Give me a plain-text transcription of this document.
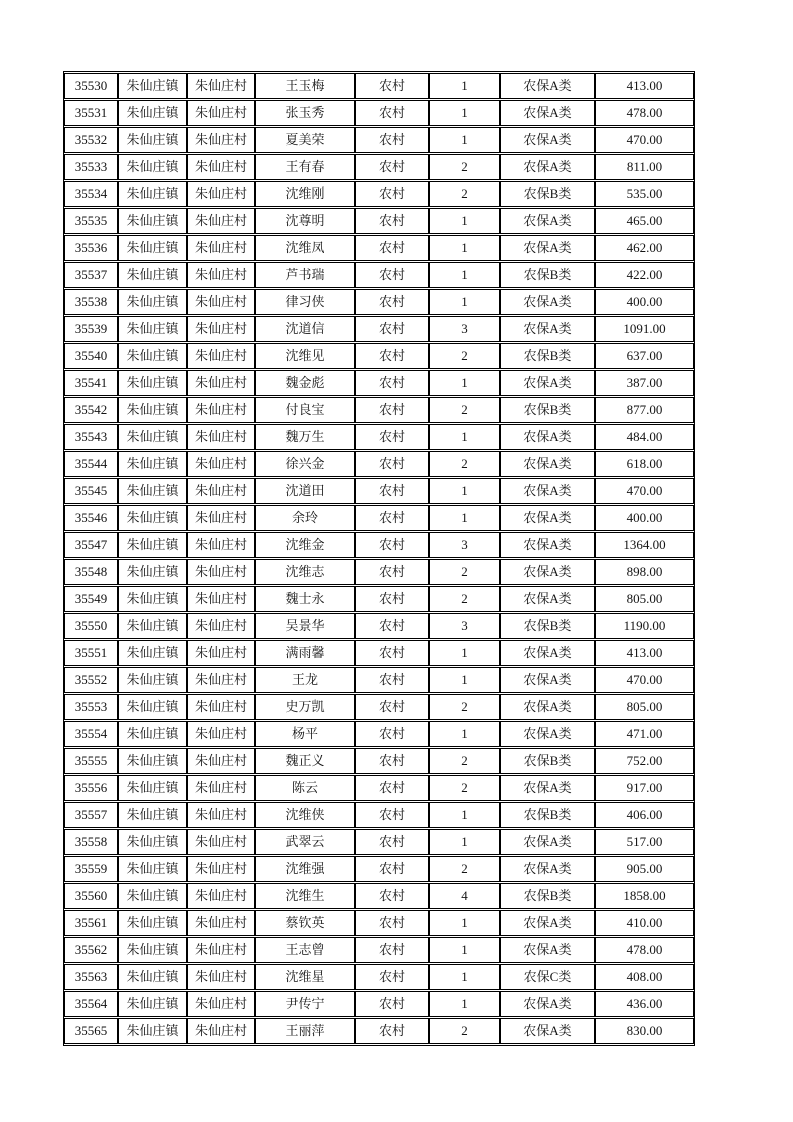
35530	朱仙庄镇	朱仙庄村	王玉梅	农村	1	农保A类	413.00
35531	朱仙庄镇	朱仙庄村	张玉秀	农村	1	农保A类	478.00
35532	朱仙庄镇	朱仙庄村	夏美荣	农村	1	农保A类	470.00
35533	朱仙庄镇	朱仙庄村	王有春	农村	2	农保A类	811.00
35534	朱仙庄镇	朱仙庄村	沈维刚	农村	2	农保B类	535.00
35535	朱仙庄镇	朱仙庄村	沈尊明	农村	1	农保A类	465.00
35536	朱仙庄镇	朱仙庄村	沈维凤	农村	1	农保A类	462.00
35537	朱仙庄镇	朱仙庄村	芦书瑞	农村	1	农保B类	422.00
35538	朱仙庄镇	朱仙庄村	律习侠	农村	1	农保A类	400.00
35539	朱仙庄镇	朱仙庄村	沈道信	农村	3	农保A类	1091.00
35540	朱仙庄镇	朱仙庄村	沈维见	农村	2	农保B类	637.00
35541	朱仙庄镇	朱仙庄村	魏金彪	农村	1	农保A类	387.00
35542	朱仙庄镇	朱仙庄村	付良宝	农村	2	农保B类	877.00
35543	朱仙庄镇	朱仙庄村	魏万生	农村	1	农保A类	484.00
35544	朱仙庄镇	朱仙庄村	徐兴金	农村	2	农保A类	618.00
35545	朱仙庄镇	朱仙庄村	沈道田	农村	1	农保A类	470.00
35546	朱仙庄镇	朱仙庄村	余玲	农村	1	农保A类	400.00
35547	朱仙庄镇	朱仙庄村	沈维金	农村	3	农保A类	1364.00
35548	朱仙庄镇	朱仙庄村	沈维志	农村	2	农保A类	898.00
35549	朱仙庄镇	朱仙庄村	魏士永	农村	2	农保A类	805.00
35550	朱仙庄镇	朱仙庄村	吴景华	农村	3	农保B类	1190.00
35551	朱仙庄镇	朱仙庄村	满雨馨	农村	1	农保A类	413.00
35552	朱仙庄镇	朱仙庄村	王龙	农村	1	农保A类	470.00
35553	朱仙庄镇	朱仙庄村	史万凯	农村	2	农保A类	805.00
35554	朱仙庄镇	朱仙庄村	杨平	农村	1	农保A类	471.00
35555	朱仙庄镇	朱仙庄村	魏正义	农村	2	农保B类	752.00
35556	朱仙庄镇	朱仙庄村	陈云	农村	2	农保A类	917.00
35557	朱仙庄镇	朱仙庄村	沈维侠	农村	1	农保B类	406.00
35558	朱仙庄镇	朱仙庄村	武翠云	农村	1	农保A类	517.00
35559	朱仙庄镇	朱仙庄村	沈维强	农村	2	农保A类	905.00
35560	朱仙庄镇	朱仙庄村	沈维生	农村	4	农保B类	1858.00
35561	朱仙庄镇	朱仙庄村	蔡钦英	农村	1	农保A类	410.00
35562	朱仙庄镇	朱仙庄村	王志曾	农村	1	农保A类	478.00
35563	朱仙庄镇	朱仙庄村	沈维星	农村	1	农保C类	408.00
35564	朱仙庄镇	朱仙庄村	尹传宁	农村	1	农保A类	436.00
35565	朱仙庄镇	朱仙庄村	王丽萍	农村	2	农保A类	830.00
